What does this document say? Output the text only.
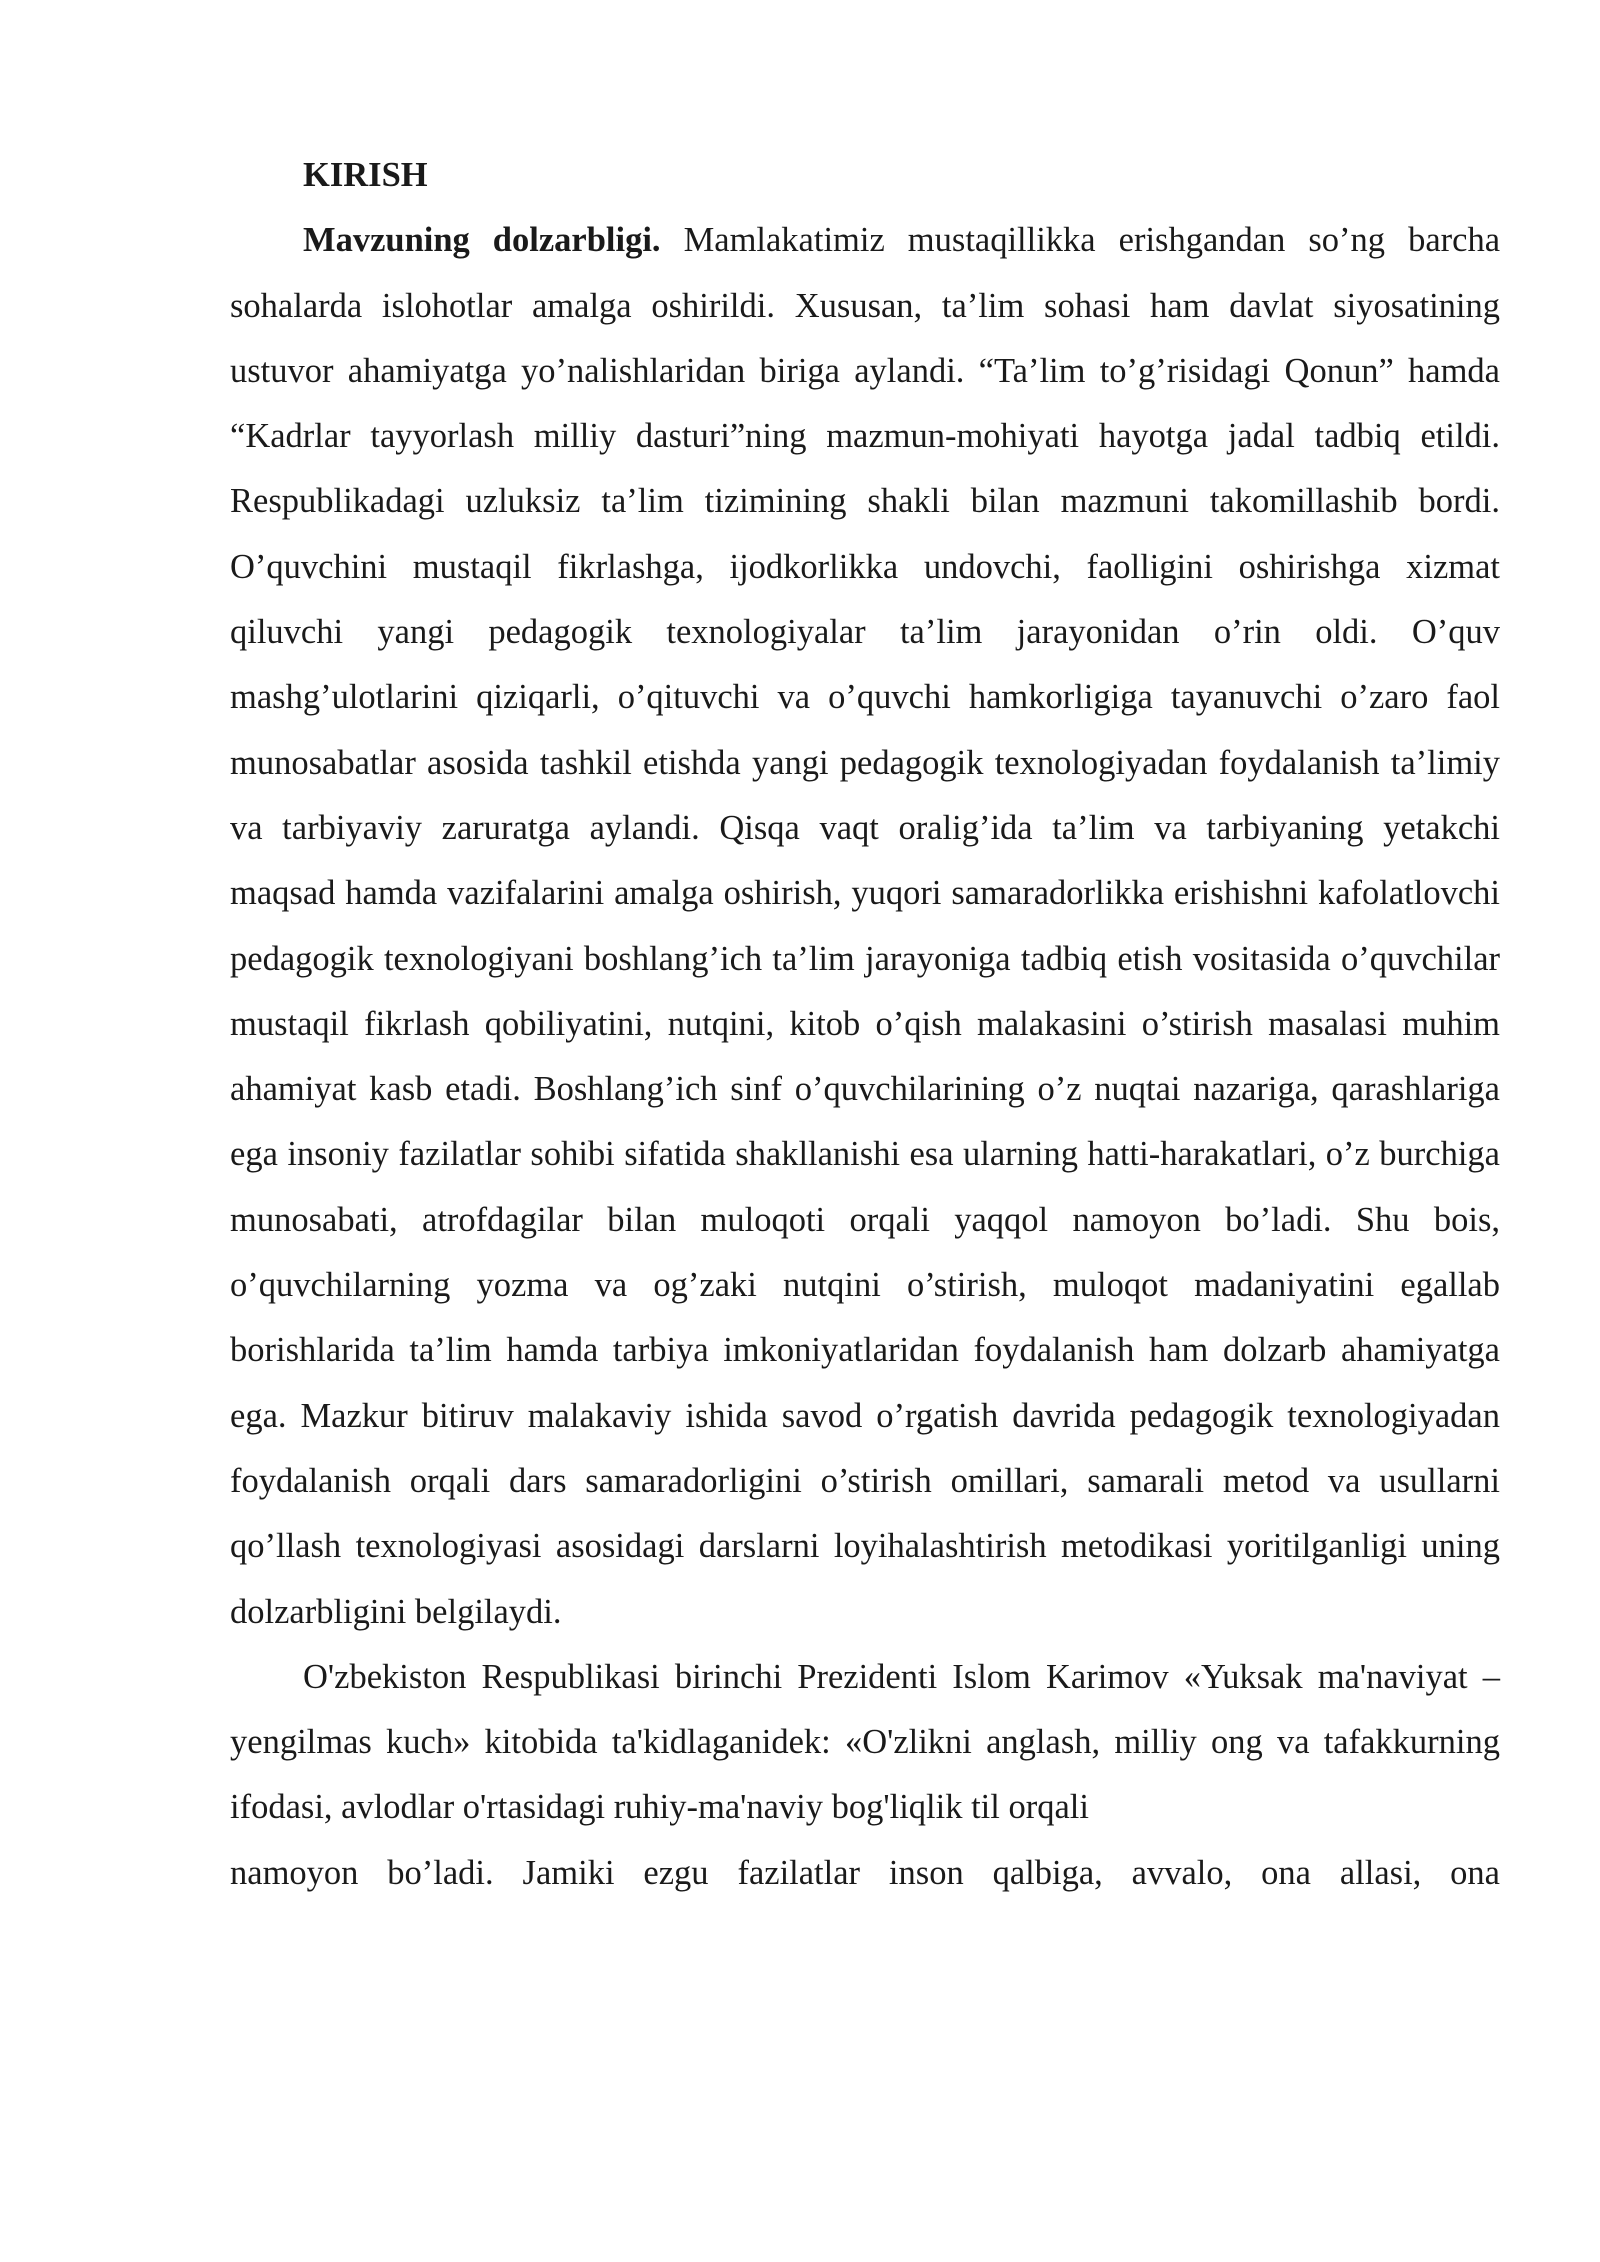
KIRISH

Mavzuning dolzarbligi. Mamlakatimiz mustaqillikka erishgandan so’ng barcha sohalarda islohotlar amalga oshirildi. Xususan, ta’lim sohasi ham davlat siyosatining ustuvor ahamiyatga yo’nalishlaridan biriga aylandi. “Ta’lim to’g’risidagi Qonun” hamda “Kadrlar tayyorlash milliy dasturi”ning mazmun-mohiyati hayotga jadal tadbiq etildi. Respublikadagi uzluksiz ta’lim tizimining shakli bilan mazmuni takomillashib bordi. O’quvchini mustaqil fikrlashga, ijodkorlikka undovchi, faolligini oshirishga xizmat qiluvchi yangi pedagogik texnologiyalar ta’lim jarayonidan o’rin oldi. O’quv mashg’ulotlarini qiziqarli, o’qituvchi va o’quvchi hamkorligiga tayanuvchi o’zaro faol munosabatlar asosida tashkil etishda yangi pedagogik texnologiyadan foydalanish ta’limiy va tarbiyaviy zaruratga aylandi. Qisqa vaqt oralig’ida ta’lim va tarbiyaning yetakchi maqsad hamda vazifalarini amalga oshirish, yuqori samaradorlikka erishishni kafolatlovchi pedagogik texnologiyani boshlang’ich ta’lim jarayoniga tadbiq etish vositasida o’quvchilar mustaqil fikrlash qobiliyatini, nutqini, kitob o’qish malakasini o’stirish masalasi muhim ahamiyat kasb etadi. Boshlang’ich sinf o’quvchilarining o’z nuqtai nazariga, qarashlariga ega insoniy fazilatlar sohibi sifatida shakllanishi esa ularning hatti-harakatlari, o’z burchiga munosabati, atrofdagilar bilan muloqoti orqali yaqqol namoyon bo’ladi. Shu bois, o’quvchilarning yozma va og’zaki nutqini o’stirish, muloqot madaniyatini egallab borishlarida ta’lim hamda tarbiya imkoniyatlaridan foydalanish ham dolzarb ahamiyatga ega. Mazkur bitiruv malakaviy ishida savod o’rgatish davrida pedagogik texnologiyadan foydalanish orqali dars samaradorligini o’stirish omillari, samarali metod va usullarni qo’llash texnologiyasi asosidagi darslarni loyihalashtirish metodikasi yoritilganligi uning dolzarbligini belgilaydi.

O'zbekiston Respublikasi birinchi Prezidenti Islom Karimov «Yuksak ma'naviyat – yengilmas kuch» kitobida ta'kidlaganidek: «O'zlikni anglash, milliy ong va tafakkurning ifodasi, avlodlar o'rtasidagi ruhiy-ma'naviy bog'liqlik til orqali

namoyon bo’ladi. Jamiki ezgu fazilatlar inson qalbiga, avvalo, ona allasi, ona
